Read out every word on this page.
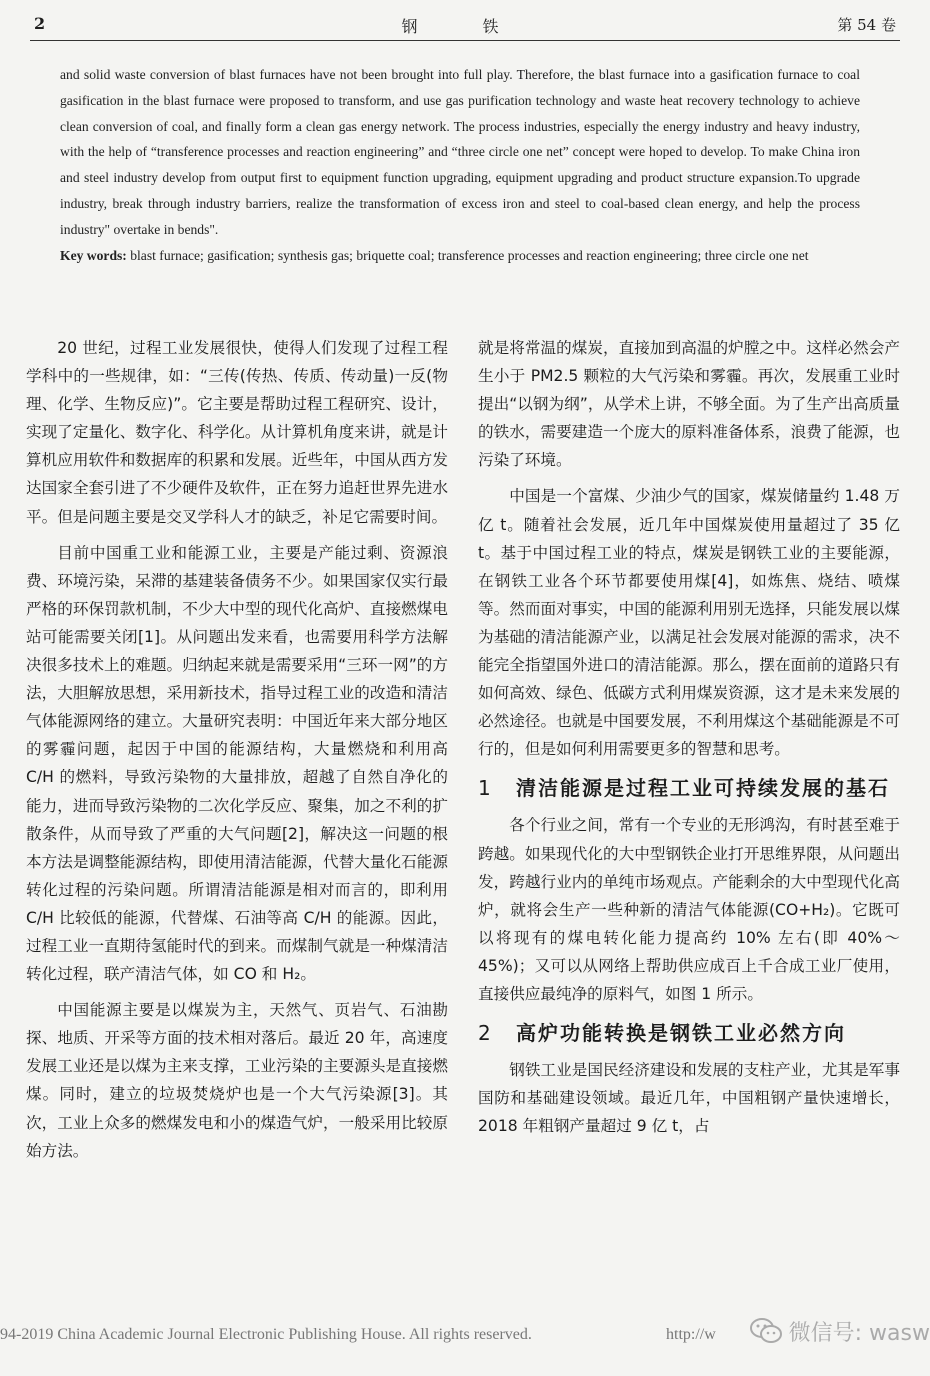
2	钢 铁	第 54 卷
and solid waste conversion of blast furnaces have not been brought into full play. Therefore, the blast furnace into a gasification furnace to coal gasification in the blast furnace were proposed to transform, and use gas purification technology and waste heat recovery technology to achieve clean conversion of coal, and finally form a clean gas energy network. The process industries, especially the energy industry and heavy industry, with the help of “transference processes and reaction engineering” and “three circle one net” concept were hoped to develop. To make China iron and steel industry develop from output first to equipment function upgrading, equipment upgrading and product structure expansion.To upgrade industry, break through industry barriers, realize the transformation of excess iron and steel to coal-based clean energy, and help the process industry" overtake in bends".
Key words: blast furnace; gasification; synthesis gas; briquette coal; transference processes and reaction engineering; three circle one net

20 世纪，过程工业发展很快，使得人们发现了过程工程学科中的一些规律，如：“三传(传热、传质、传动量)一反(物理、化学、生物反应)”。它主要是帮助过程工程研究、设计，实现了定量化、数字化、科学化。从计算机角度来讲，就是计算机应用软件和数据库的积累和发展。近些年，中国从西方发达国家全套引进了不少硬件及软件，正在努力追赶世界先进水平。但是问题主要是交叉学科人才的缺乏，补足它需要时间。

目前中国重工业和能源工业，主要是产能过剩、资源浪费、环境污染，呆滞的基建装备债务不少。如果国家仅实行最严格的环保罚款机制，不少大中型的现代化高炉、直接燃煤电站可能需要关闭[1]。从问题出发来看，也需要用科学方法解决很多技术上的难题。归纳起来就是需要采用“三环一网”的方法，大胆解放思想，采用新技术，指导过程工业的改造和清洁气体能源网络的建立。大量研究表明：中国近年来大部分地区的雾霾问题，起因于中国的能源结构，大量燃烧和利用高 C/H 的燃料，导致污染物的大量排放，超越了自然自净化的能力，进而导致污染物的二次化学反应、聚集，加之不利的扩散条件，从而导致了严重的大气问题[2]，解决这一问题的根本方法是调整能源结构，即使用清洁能源，代替大量化石能源转化过程的污染问题。所谓清洁能源是相对而言的，即利用 C/H 比较低的能源，代替煤、石油等高 C/H 的能源。因此，过程工业一直期待氢能时代的到来。而煤制气就是一种煤清洁转化过程，联产清洁气体，如 CO 和 H₂。

中国能源主要是以煤炭为主，天然气、页岩气、石油勘探、地质、开采等方面的技术相对落后。最近 20 年，高速度发展工业还是以煤为主来支撑，工业污染的主要源头是直接燃煤。同时，建立的垃圾焚烧炉也是一个大气污染源[3]。其次，工业上众多的燃煤发电和小的煤造气炉，一般采用比较原始方法。

就是将常温的煤炭，直接加到高温的炉膛之中。这样必然会产生小于 PM2.5 颗粒的大气污染和雾霾。再次，发展重工业时提出“以钢为纲”，从学术上讲，不够全面。为了生产出高质量的铁水，需要建造一个庞大的原料准备体系，浪费了能源，也污染了环境。

中国是一个富煤、少油少气的国家，煤炭储量约 1.48 万亿 t。随着社会发展，近几年中国煤炭使用量超过了 35 亿 t。基于中国过程工业的特点，煤炭是钢铁工业的主要能源，在钢铁工业各个环节都要使用煤[4]，如炼焦、烧结、喷煤等。然而面对事实，中国的能源利用别无选择，只能发展以煤为基础的清洁能源产业，以满足社会发展对能源的需求，决不能完全指望国外进口的清洁能源。那么，摆在面前的道路只有如何高效、绿色、低碳方式利用煤炭资源，这才是未来发展的必然途径。也就是中国要发展，不利用煤这个基础能源是不可行的，但是如何利用需要更多的智慧和思考。

1 清洁能源是过程工业可持续发展的基石

各个行业之间，常有一个专业的无形鸿沟，有时甚至难于跨越。如果现代化的大中型钢铁企业打开思维界限，从问题出发，跨越行业内的单纯市场观点。产能剩余的大中型现代化高炉，就将会生产一些种新的清洁气体能源(CO+H₂)。它既可以将现有的煤电转化能力提高约 10% 左右(即 40%～45%)；又可以从网络上帮助供应成百上千合成工业厂使用，直接供应最纯净的原料气，如图 1 所示。

2 高炉功能转换是钢铁工业必然方向

钢铁工业是国民经济建设和发展的支柱产业，尤其是军事国防和基础建设领域。最近几年，中国粗钢产量快速增长，2018 年粗钢产量超过 9 亿 t，占

94-2019 China Academic Journal Electronic Publishing House. All rights reserved.	http://w	微信号: wasw
